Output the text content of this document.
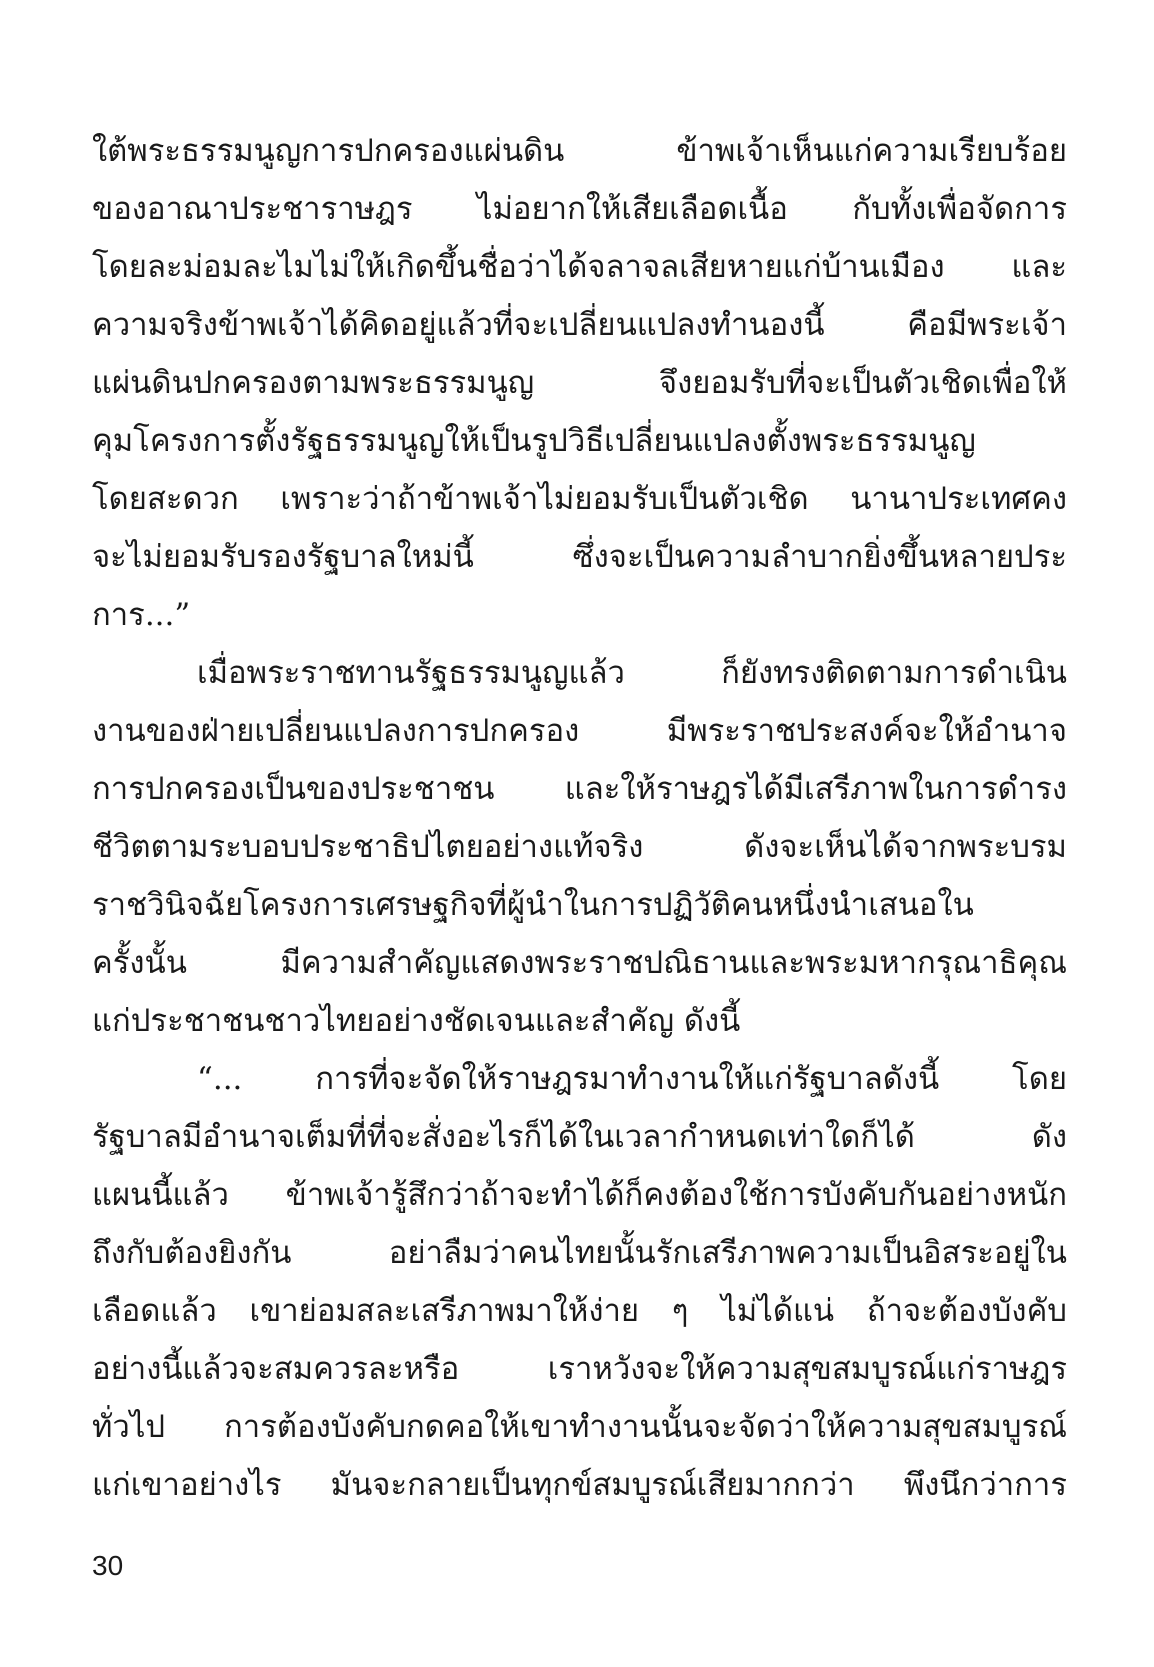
ใต้พระธรรมนูญการปกครองแผ่นดิน ข้าพเจ้าเห็นแก่ความเรียบร้อย
ของอาณาประชาราษฎร ไม่อยากให้เสียเลือดเนื้อ กับทั้งเพื่อจัดการ
โดยละม่อมละไมไม่ให้เกิดขึ้นชื่อว่าได้จลาจลเสียหายแก่บ้านเมือง และ
ความจริงข้าพเจ้าได้คิดอยู่แล้วที่จะเปลี่ยนแปลงทำนองนี้ คือมีพระเจ้า
แผ่นดินปกครองตามพระธรรมนูญ จึงยอมรับที่จะเป็นตัวเชิดเพื่อให้
คุมโครงการตั้งรัฐธรรมนูญให้เป็นรูปวิธีเปลี่ยนแปลงตั้งพระธรรมนูญ
โดยสะดวก เพราะว่าถ้าข้าพเจ้าไม่ยอมรับเป็นตัวเชิด นานาประเทศคง
จะไม่ยอมรับรองรัฐบาลใหม่นี้ ซึ่งจะเป็นความลำบากยิ่งขึ้นหลายประ
การ...”
เมื่อพระราชทานรัฐธรรมนูญแล้ว ก็ยังทรงติดตามการดำเนิน
งานของฝ่ายเปลี่ยนแปลงการปกครอง มีพระราชประสงค์จะให้อำนาจ
การปกครองเป็นของประชาชน และให้ราษฎรได้มีเสรีภาพในการดำรง
ชีวิตตามระบอบประชาธิปไตยอย่างแท้จริง ดังจะเห็นได้จากพระบรม
ราชวินิจฉัยโครงการเศรษฐกิจที่ผู้นำในการปฏิวัติคนหนึ่งนำเสนอใน
ครั้งนั้น มีความสำคัญแสดงพระราชปณิธานและพระมหากรุณาธิคุณ
แก่ประชาชนชาวไทยอย่างชัดเจนและสำคัญ ดังนี้
“... การที่จะจัดให้ราษฎรมาทำงานให้แก่รัฐบาลดังนี้ โดย
รัฐบาลมีอำนาจเต็มที่ที่จะสั่งอะไรก็ได้ในเวลากำหนดเท่าใดก็ได้ ดัง
แผนนี้แล้ว ข้าพเจ้ารู้สึกว่าถ้าจะทำได้ก็คงต้องใช้การบังคับกันอย่างหนัก
ถึงกับต้องยิงกัน อย่าลืมว่าคนไทยนั้นรักเสรีภาพความเป็นอิสระอยู่ใน
เลือดแล้ว เขาย่อมสละเสรีภาพมาให้ง่าย ๆ ไม่ได้แน่ ถ้าจะต้องบังคับ
อย่างนี้แล้วจะสมควรละหรือ เราหวังจะให้ความสุขสมบูรณ์แก่ราษฎร
ทั่วไป การต้องบังคับกดคอให้เขาทำงานนั้นจะจัดว่าให้ความสุขสมบูรณ์
แก่เขาอย่างไร มันจะกลายเป็นทุกข์สมบูรณ์เสียมากกว่า พึงนึกว่าการ
30
